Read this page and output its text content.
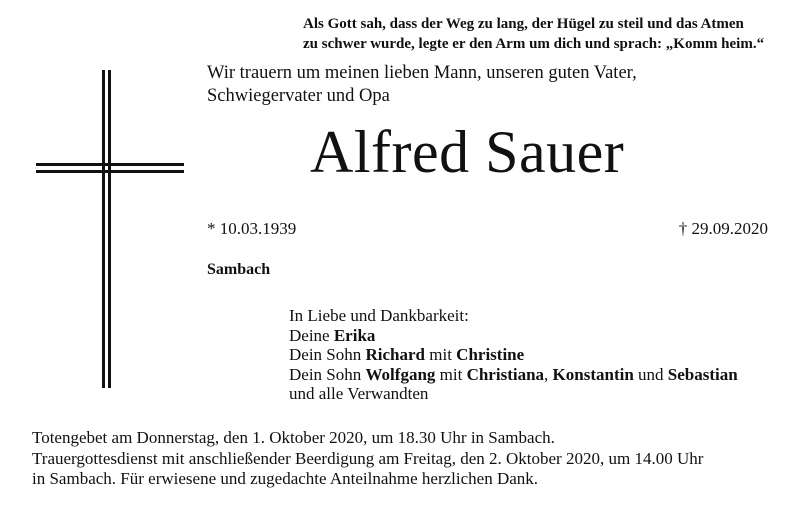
Als Gott sah, dass der Weg zu lang, der Hügel zu steil und das Atmen
zu schwer wurde, legte er den Arm um dich und sprach: „Komm heim.“
Wir trauern um meinen lieben Mann, unseren guten Vater,
Schwiegervater und Opa
Alfred Sauer
* 10.03.1939	† 29.09.2020
Sambach
In Liebe und Dankbarkeit:
Deine Erika
Dein Sohn Richard mit Christine
Dein Sohn Wolfgang mit Christiana, Konstantin und Sebastian
und alle Verwandten
Totengebet am Donnerstag, den 1. Oktober 2020, um 18.30 Uhr in Sambach.
Trauergottesdienst mit anschließender Beerdigung am Freitag, den 2. Oktober 2020, um 14.00 Uhr
in Sambach. Für erwiesene und zugedachte Anteilnahme herzlichen Dank.
